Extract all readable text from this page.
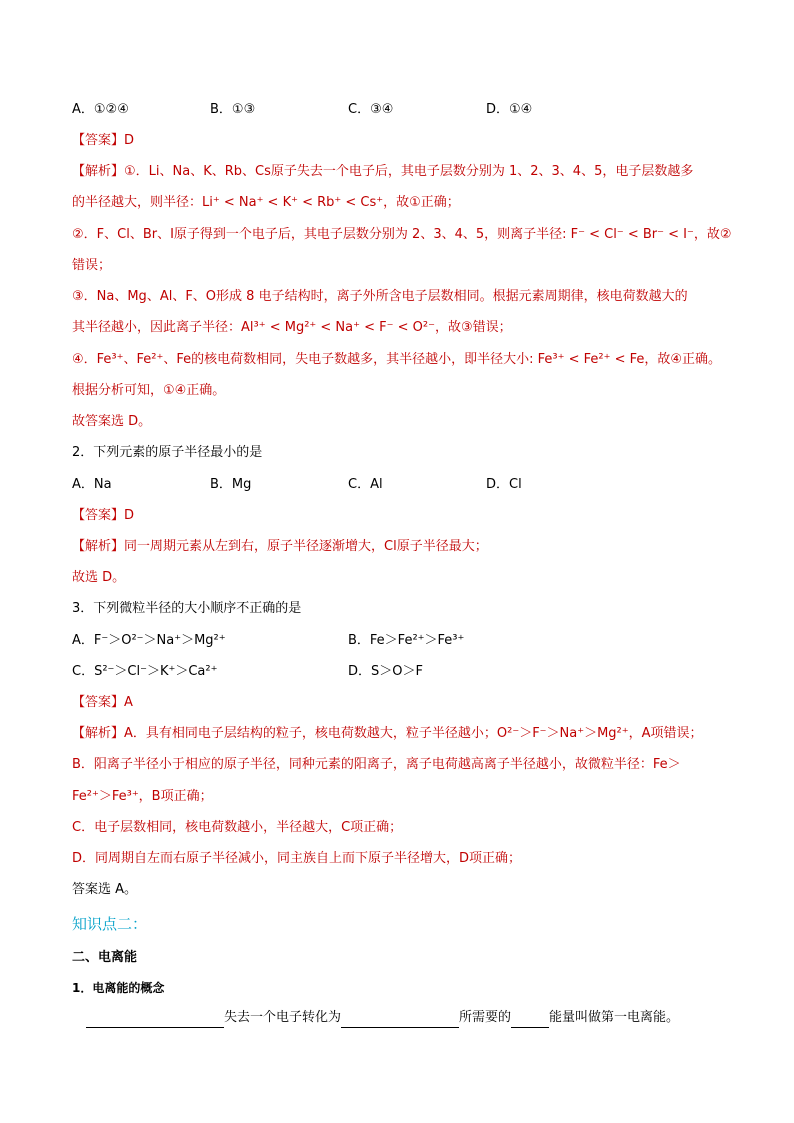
A．①②④	B．①③	C．③④	D．①④
【答案】D
【解析】①．Li、Na、K、Rb、Cs原子失去一个电子后，其电子层数分别为 1、2、3、4、5，电子层数越多
的半径越大，则半径：Li⁺ < Na⁺ < K⁺ < Rb⁺ < Cs⁺，故①正确；
②．F、Cl、Br、I原子得到一个电子后，其电子层数分别为 2、3、4、5，则离子半径: F⁻ < Cl⁻ < Br⁻ < I⁻，故②
错误；
③．Na、Mg、Al、F、O形成 8 电子结构时，离子外所含电子层数相同。根据元素周期律，核电荷数越大的
其半径越小，因此离子半径：Al³⁺ < Mg²⁺ < Na⁺ < F⁻ < O²⁻，故③错误；
④．Fe³⁺、Fe²⁺、Fe的核电荷数相同，失电子数越多，其半径越小，即半径大小: Fe³⁺ < Fe²⁺ < Fe，故④正确。
根据分析可知，①④正确。
故答案选 D。
2．下列元素的原子半径最小的是
A．Na	B．Mg	C．Al	D．Cl
【答案】D
【解析】同一周期元素从左到右，原子半径逐渐增大，Cl原子半径最大；
故选 D。
3．下列微粒半径的大小顺序不正确的是
A．F⁻＞O²⁻＞Na⁺＞Mg²⁺	B．Fe＞Fe²⁺＞Fe³⁺
C．S²⁻＞Cl⁻＞K⁺＞Ca²⁺	D．S＞O＞F
【答案】A
【解析】A．具有相同电子层结构的粒子，核电荷数越大，粒子半径越小；O²⁻＞F⁻＞Na⁺＞Mg²⁺，A项错误；
B．阳离子半径小于相应的原子半径，同种元素的阳离子，离子电荷越高离子半径越小，故微粒半径：Fe＞
Fe²⁺＞Fe³⁺，B项正确；
C．电子层数相同，核电荷数越小，半径越大，C项正确；
D．同周期自左而右原子半径减小，同主族自上而下原子半径增大，D项正确；
答案选 A。
知识点二：
二、电离能
1．电离能的概念
失去一个电子转化为	所需要的	能量叫做第一电离能。
